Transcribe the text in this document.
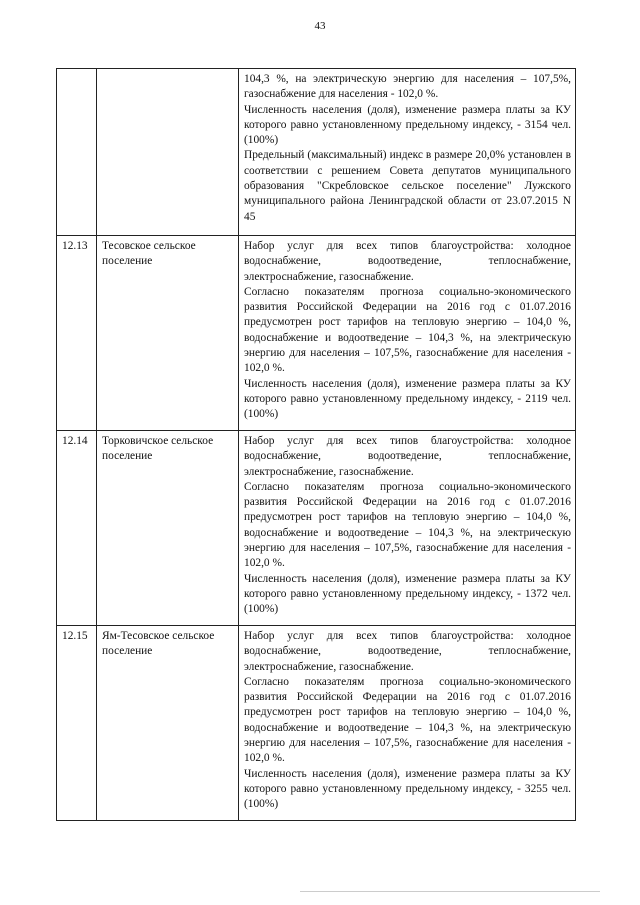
43

		104,3 %, на электрическую энергию для населения – 107,5%, газоснабжение для населения - 102,0 %.

Численность населения (доля), изменение размера платы за КУ которого равно установленному предельному индексу, - 3154 чел. (100%)

Предельный (максимальный) индекс в размере 20,0% установлен в соответствии с решением Совета депутатов муниципального образования "Скребловское сельское поселение" Лужского муниципального района Ленинградской области от 23.07.2015 N 45

12.13	Тесовское сельское поселение	Набор услуг для всех типов благоустройства: холодное водоснабжение, водоотведение, теплоснабжение, электроснабжение, газоснабжение.

Согласно показателям прогноза социально-экономического развития Российской Федерации на 2016 год с 01.07.2016 предусмотрен рост тарифов на тепловую энергию – 104,0 %, водоснабжение и водоотведение – 104,3 %, на электрическую энергию для населения – 107,5%, газоснабжение для населения - 102,0 %.

Численность населения (доля), изменение размера платы за КУ которого равно установленному предельному индексу, - 2119 чел. (100%)

12.14	Торковичское сельское поселение	Набор услуг для всех типов благоустройства: холодное водоснабжение, водоотведение, теплоснабжение, электроснабжение, газоснабжение.

Согласно показателям прогноза социально-экономического развития Российской Федерации на 2016 год с 01.07.2016 предусмотрен рост тарифов на тепловую энергию – 104,0 %, водоснабжение и водоотведение – 104,3 %, на электрическую энергию для населения – 107,5%, газоснабжение для населения - 102,0 %.

Численность населения (доля), изменение размера платы за КУ которого равно установленному предельному индексу, - 1372 чел. (100%)

12.15	Ям-Тесовское сельское поселение	Набор услуг для всех типов благоустройства: холодное водоснабжение, водоотведение, теплоснабжение, электроснабжение, газоснабжение.

Согласно показателям прогноза социально-экономического развития Российской Федерации на 2016 год с 01.07.2016 предусмотрен рост тарифов на тепловую энергию – 104,0 %, водоснабжение и водоотведение – 104,3 %, на электрическую энергию для населения – 107,5%, газоснабжение для населения - 102,0 %.

Численность населения (доля), изменение размера платы за КУ которого равно установленному предельному индексу, - 3255 чел. (100%)
